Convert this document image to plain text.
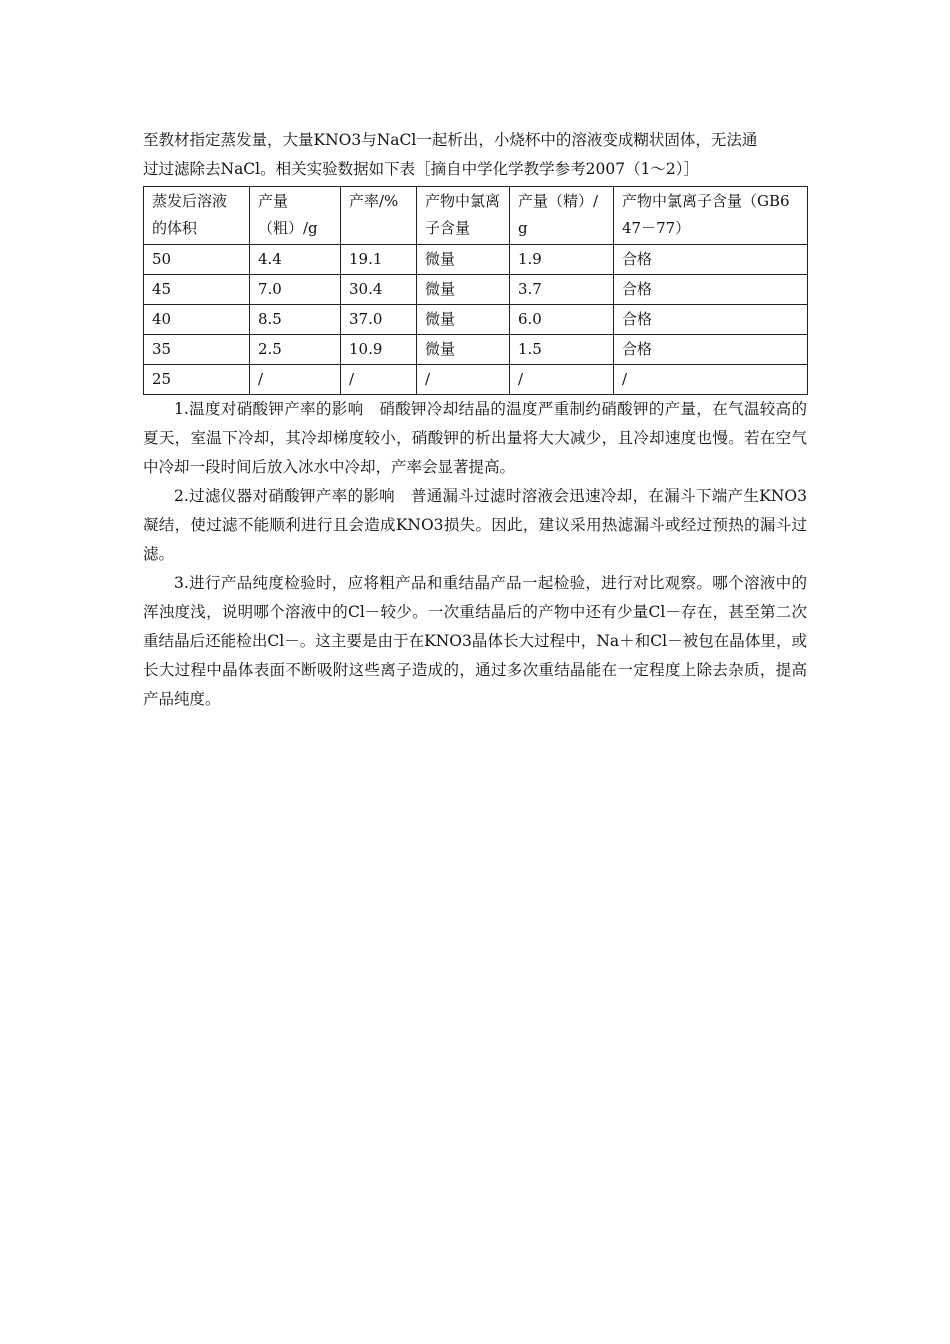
至教材指定蒸发量，大量KNO3与NaCl一起析出，小烧杯中的溶液变成糊状固体，无法通

过过滤除去NaCl。相关实验数据如下表［摘自中学化学教学参考2007（1～2）］

蒸发后溶液的体积	产量（粗）/g	产率/%	产物中氯离子含量	产量（精）/g	产物中氯离子含量（GB647－77）
50	4.4	19.1	微量	1.9	合格
45	7.0	30.4	微量	3.7	合格
40	8.5	37.0	微量	6.0	合格
35	2.5	10.9	微量	1.5	合格
25	/	/	/	/	/

1.温度对硝酸钾产率的影响　硝酸钾冷却结晶的温度严重制约硝酸钾的产量，在气温较高的夏天，室温下冷却，其冷却梯度较小，硝酸钾的析出量将大大减少，且冷却速度也慢。若在空气中冷却一段时间后放入冰水中冷却，产率会显著提高。

2.过滤仪器对硝酸钾产率的影响　普通漏斗过滤时溶液会迅速冷却，在漏斗下端产生KNO3凝结，使过滤不能顺利进行且会造成KNO3损失。因此，建议采用热滤漏斗或经过预热的漏斗过滤。

3.进行产品纯度检验时，应将粗产品和重结晶产品一起检验，进行对比观察。哪个溶液中的浑浊度浅，说明哪个溶液中的Cl－较少。一次重结晶后的产物中还有少量Cl－存在，甚至第二次重结晶后还能检出Cl－。这主要是由于在KNO3晶体长大过程中，Na＋和Cl－被包在晶体里，或长大过程中晶体表面不断吸附这些离子造成的，通过多次重结晶能在一定程度上除去杂质，提高产品纯度。
